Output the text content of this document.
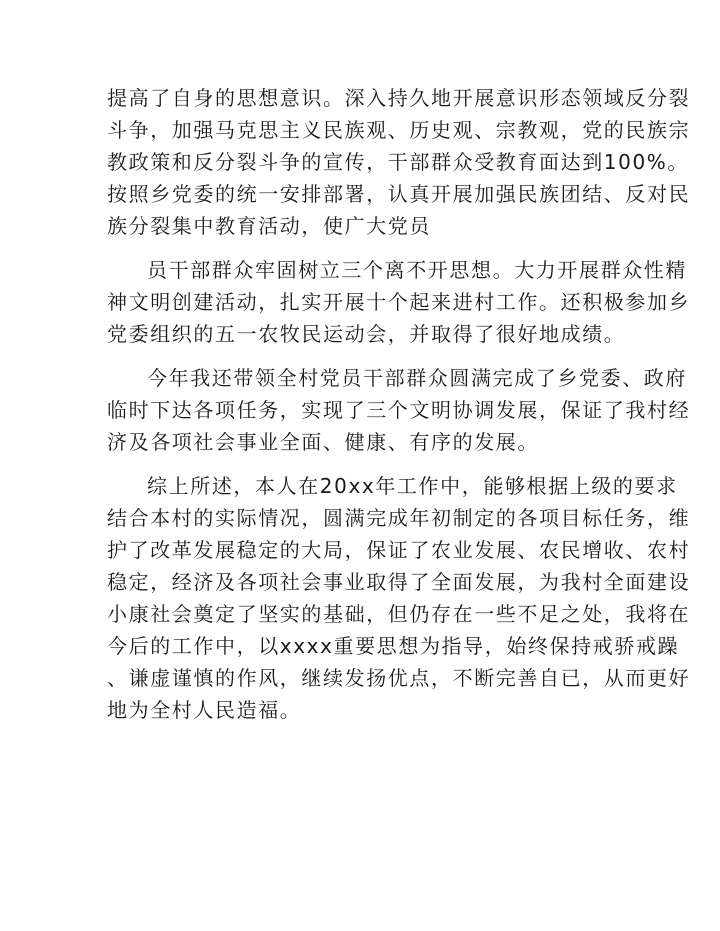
提高了自身的思想意识。深入持久地开展意识形态领域反分裂
斗争，加强马克思主义民族观、历史观、宗教观，党的民族宗
教政策和反分裂斗争的宣传，干部群众受教育面达到100%。
按照乡党委的统一安排部署，认真开展加强民族团结、反对民
族分裂集中教育活动，使广大党员

员干部群众牢固树立三个离不开思想。大力开展群众性精
神文明创建活动，扎实开展十个起来进村工作。还积极参加乡
党委组织的五一农牧民运动会，并取得了很好地成绩。

今年我还带领全村党员干部群众圆满完成了乡党委、政府
临时下达各项任务，实现了三个文明协调发展，保证了我村经
济及各项社会事业全面、健康、有序的发展。

综上所述，本人在20xx年工作中，能够根据上级的要求
结合本村的实际情况，圆满完成年初制定的各项目标任务，维
护了改革发展稳定的大局，保证了农业发展、农民增收、农村
稳定，经济及各项社会事业取得了全面发展，为我村全面建设
小康社会奠定了坚实的基础，但仍存在一些不足之处，我将在
今后的工作中，以xxxx重要思想为指导，始终保持戒骄戒躁
、谦虚谨慎的作风，继续发扬优点，不断完善自已，从而更好
地为全村人民造福。
